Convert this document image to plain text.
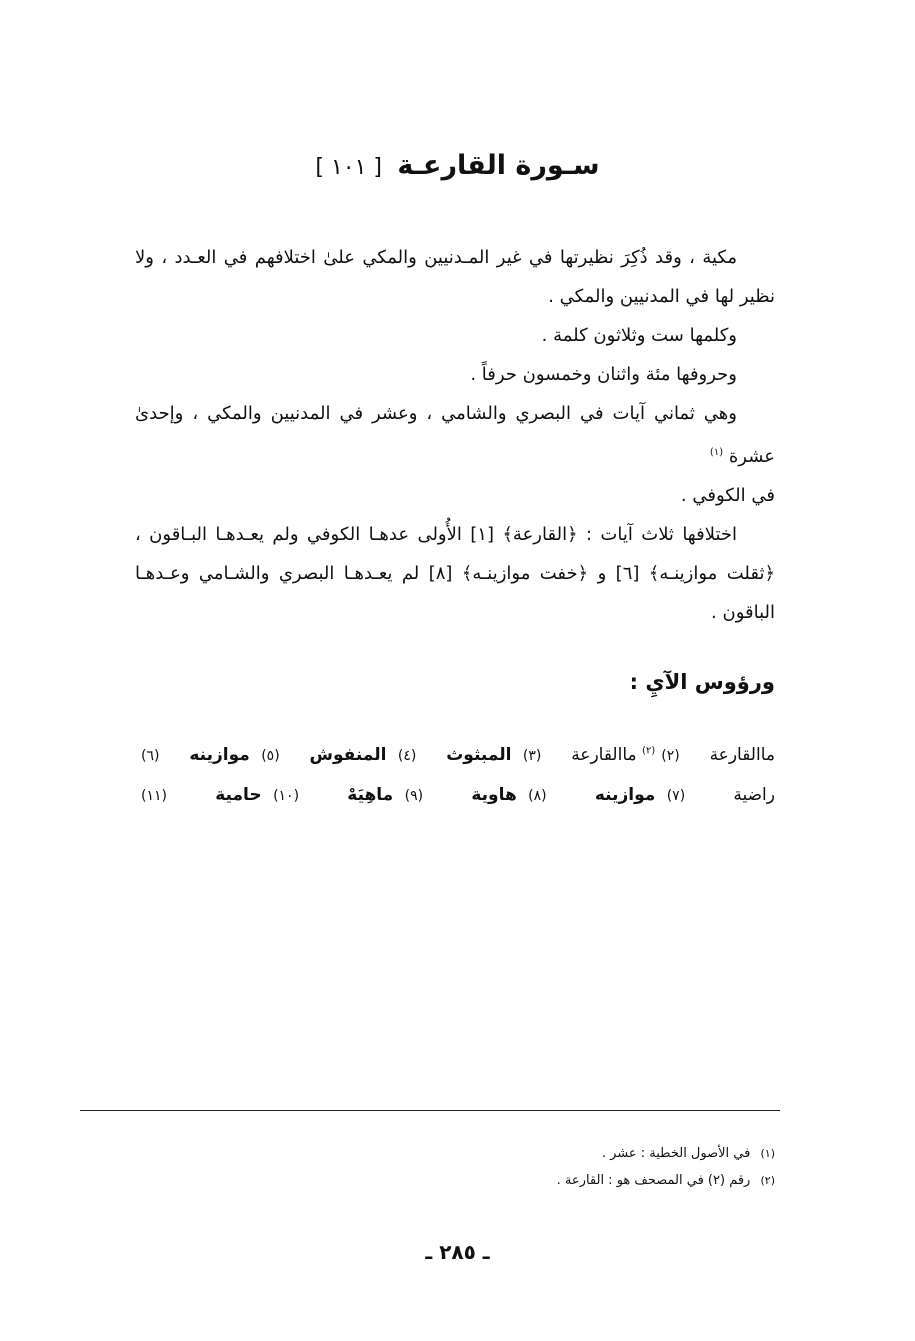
سـورة القارعـة [ ١٠١ ]

مكية ، وقد ذُكِرَ نظيرتها في غير المـدنيين والمكي علىٰ اختلافهم في العـدد ، ولا نظير لها في المدنيين والمكي .

وكلمها ست وثلاثون كلمة .

وحروفها مئة واثنان وخمسون حرفاً .

وهي ثماني آيات في البصري والشامي ، وعشر في المدنيين والمكي ، وإحدىٰ عشرة $^{(١)}$

في الكوفي .

اختلافها ثلاث آيات : ﴿القارعة﴾ [١] الأُولى عدهـا الكوفي ولم يعـدهـا البـاقون ، ﴿ثقلت موازينـه﴾ [٦] و ﴿خفت موازينـه﴾ [٨] لم يعـدهـا البصري والشـامي وعـدهـا الباقون .

ورؤوس الآيِ :
ماالقارعة
(٢)$^{(٢)}$ ماالقارعة
(٣) المبثوث
(٤) المنفوش
(٥) موازينه
(٦)
راضية
(٧) موازينه
(٨) هاوية
(٩) ماهِيَهْ
(١٠) حامية
(١١)
(١) في الأصول الخطية : عشر .
(٢) رقم (٢) في المصحف هو : القارعة .
ـ ٢٨٥ ـ
